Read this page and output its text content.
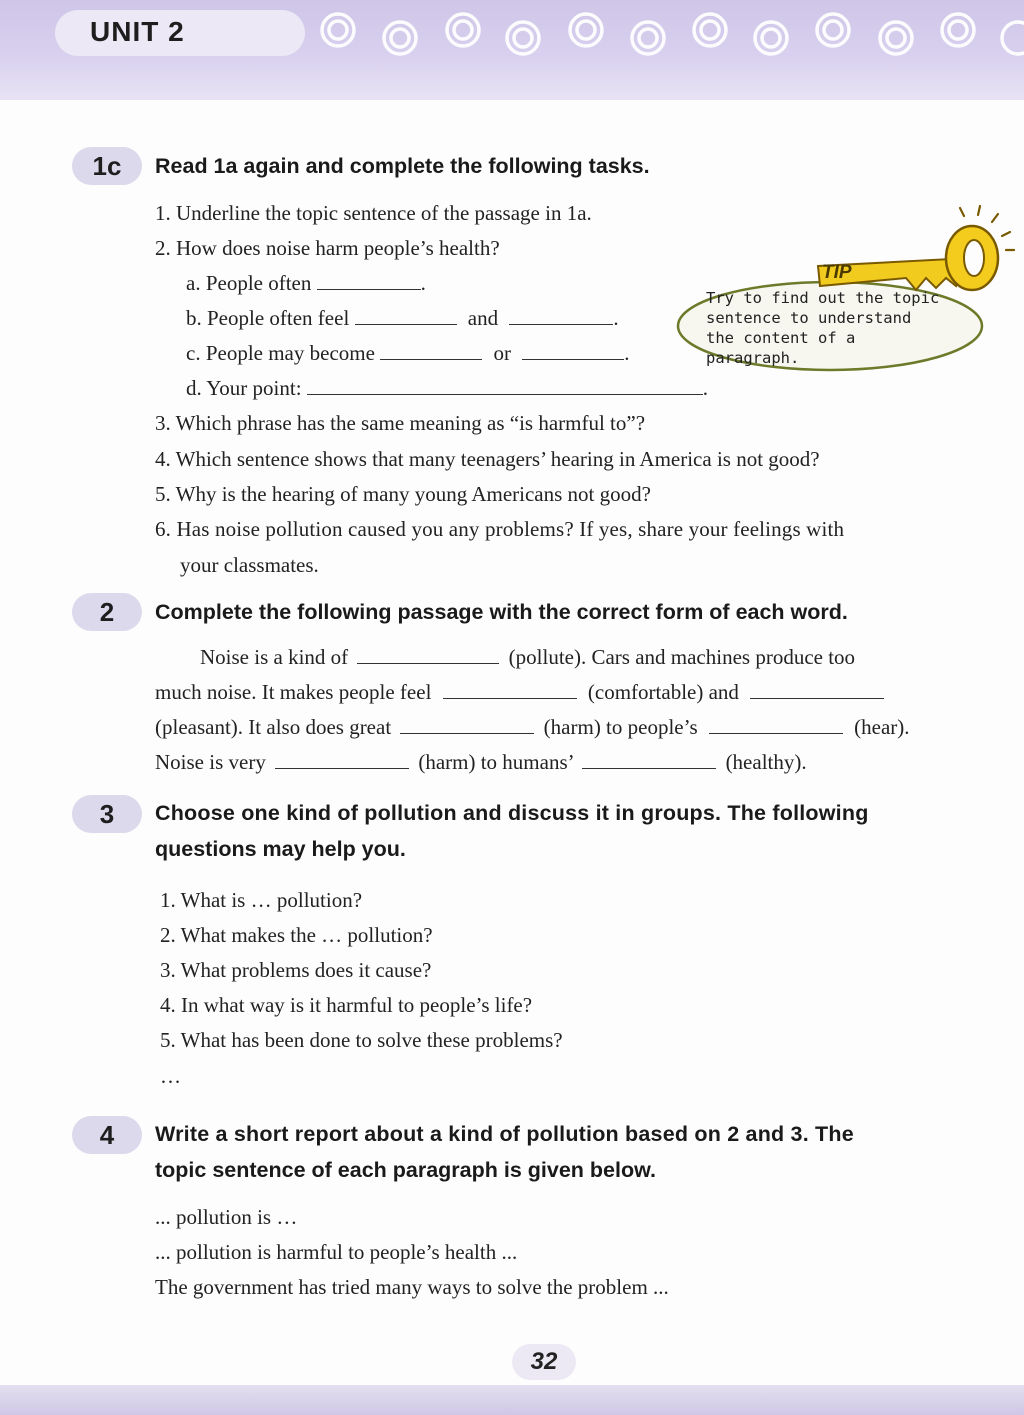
UNIT 2
1c	Read 1a again and complete the following tasks.
1. Underline the topic sentence of the passage in 1a.
2. How does noise harm people’s health?
a. People often	.
b. People often feel	and	.
c. People may become	or	.
d. Your point:	.
3. Which phrase has the same meaning as “is harmful to”?
4. Which sentence shows that many teenagers’ hearing in America is not good?
5. Why is the hearing of many young Americans not good?
6. Has noise pollution caused you any problems? If yes, share your feelings with
your classmates.
TIP
Try to find out the topic
sentence to understand
the content of a paragraph.
2	Complete the following passage with the correct form of each word.
Noise is a kind of	(pollute). Cars and machines produce too
much noise. It makes people feel	(comfortable) and
(pleasant). It also does great	(harm) to people’s	(hear).
Noise is very	(harm) to humans’	(healthy).
3	Choose one kind of pollution and discuss it in groups. The following
questions may help you.
1. What is … pollution?
2. What makes the … pollution?
3. What problems does it cause?
4. In what way is it harmful to people’s life?
5. What has been done to solve these problems?
…
4	Write a short report about a kind of pollution based on 2 and 3. The
topic sentence of each paragraph is given below.
... pollution is …
... pollution is harmful to people’s health ...
The government has tried many ways to solve the problem ...
32
